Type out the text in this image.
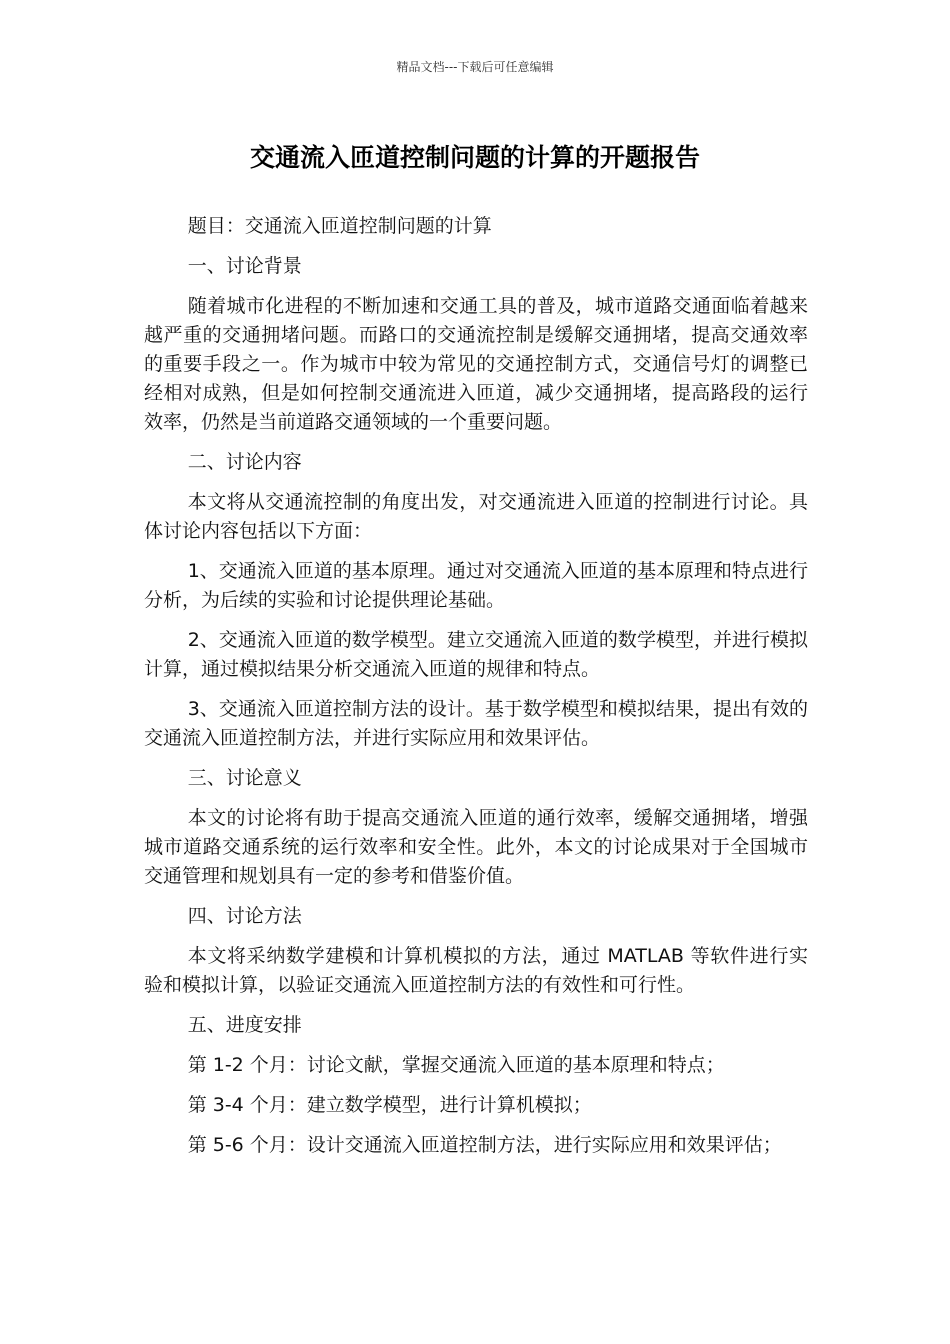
精品文档---下载后可任意编辑
交通流入匝道控制问题的计算的开题报告

题目：交通流入匝道控制问题的计算

一、讨论背景

随着城市化进程的不断加速和交通工具的普及，城市道路交通面临着越来越严重的交通拥堵问题。而路口的交通流控制是缓解交通拥堵，提高交通效率的重要手段之一。作为城市中较为常见的交通控制方式，交通信号灯的调整已经相对成熟，但是如何控制交通流进入匝道，减少交通拥堵，提高路段的运行效率，仍然是当前道路交通领域的一个重要问题。

二、讨论内容

本文将从交通流控制的角度出发，对交通流进入匝道的控制进行讨论。具体讨论内容包括以下方面：

1、交通流入匝道的基本原理。通过对交通流入匝道的基本原理和特点进行分析，为后续的实验和讨论提供理论基础。

2、交通流入匝道的数学模型。建立交通流入匝道的数学模型，并进行模拟计算，通过模拟结果分析交通流入匝道的规律和特点。

3、交通流入匝道控制方法的设计。基于数学模型和模拟结果，提出有效的交通流入匝道控制方法，并进行实际应用和效果评估。

三、讨论意义

本文的讨论将有助于提高交通流入匝道的通行效率，缓解交通拥堵，增强城市道路交通系统的运行效率和安全性。此外，本文的讨论成果对于全国城市交通管理和规划具有一定的参考和借鉴价值。

四、讨论方法

本文将采纳数学建模和计算机模拟的方法，通过 MATLAB 等软件进行实验和模拟计算，以验证交通流入匝道控制方法的有效性和可行性。

五、进度安排

第 1-2 个月：讨论文献，掌握交通流入匝道的基本原理和特点；

第 3-4 个月：建立数学模型，进行计算机模拟；

第 5-6 个月：设计交通流入匝道控制方法，进行实际应用和效果评估；
